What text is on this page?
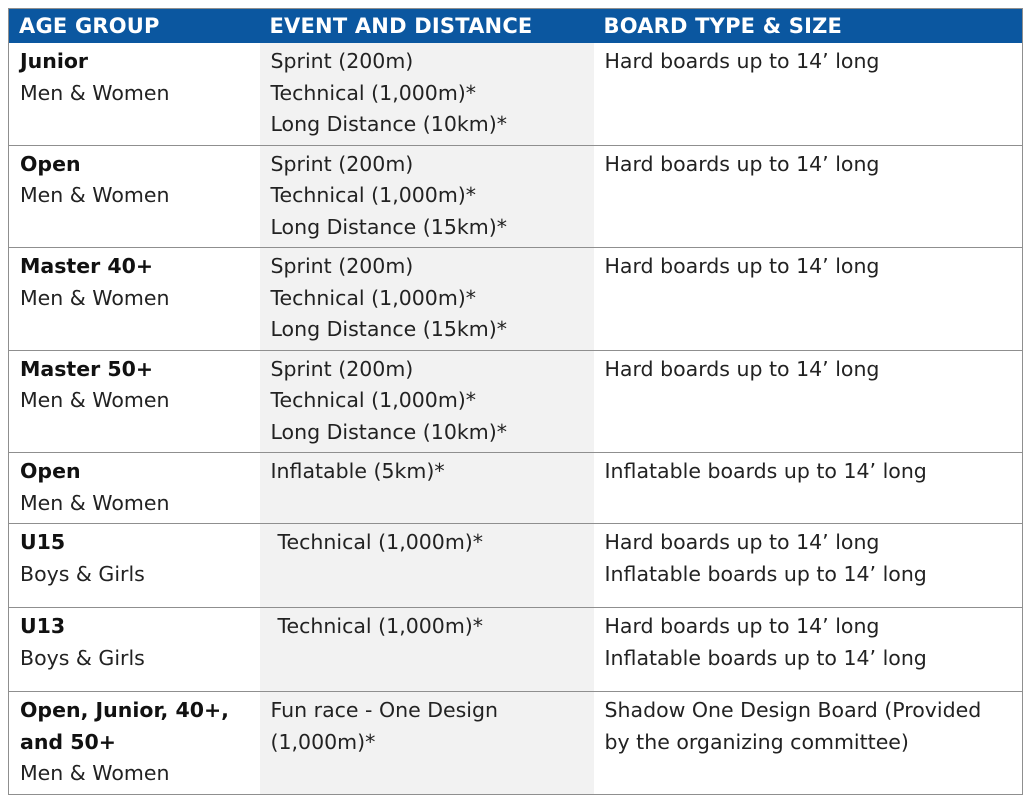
AGE GROUP	EVENT AND DISTANCE	BOARD TYPE & SIZE

Junior
Men & Women	Sprint (200m)
Technical (1,000m)*
Long Distance (10km)*	Hard boards up to 14’ long

Open
Men & Women	Sprint (200m)
Technical (1,000m)*
Long Distance (15km)*	Hard boards up to 14’ long

Master 40+
Men & Women	Sprint (200m)
Technical (1,000m)*
Long Distance (15km)*	Hard boards up to 14’ long

Master 50+
Men & Women	Sprint (200m)
Technical (1,000m)*
Long Distance (10km)*	Hard boards up to 14’ long

Open
Men & Women	Inflatable (5km)*	Inflatable boards up to 14’ long

U15
Boys & Girls	Technical (1,000m)*	Hard boards up to 14’ long
Inflatable boards up to 14’ long

U13
Boys & Girls	Technical (1,000m)*	Hard boards up to 14’ long
Inflatable boards up to 14’ long

Open, Junior, 40+, and 50+
Men & Women	Fun race - One Design (1,000m)*	Shadow One Design Board (Provided by the organizing committee)
